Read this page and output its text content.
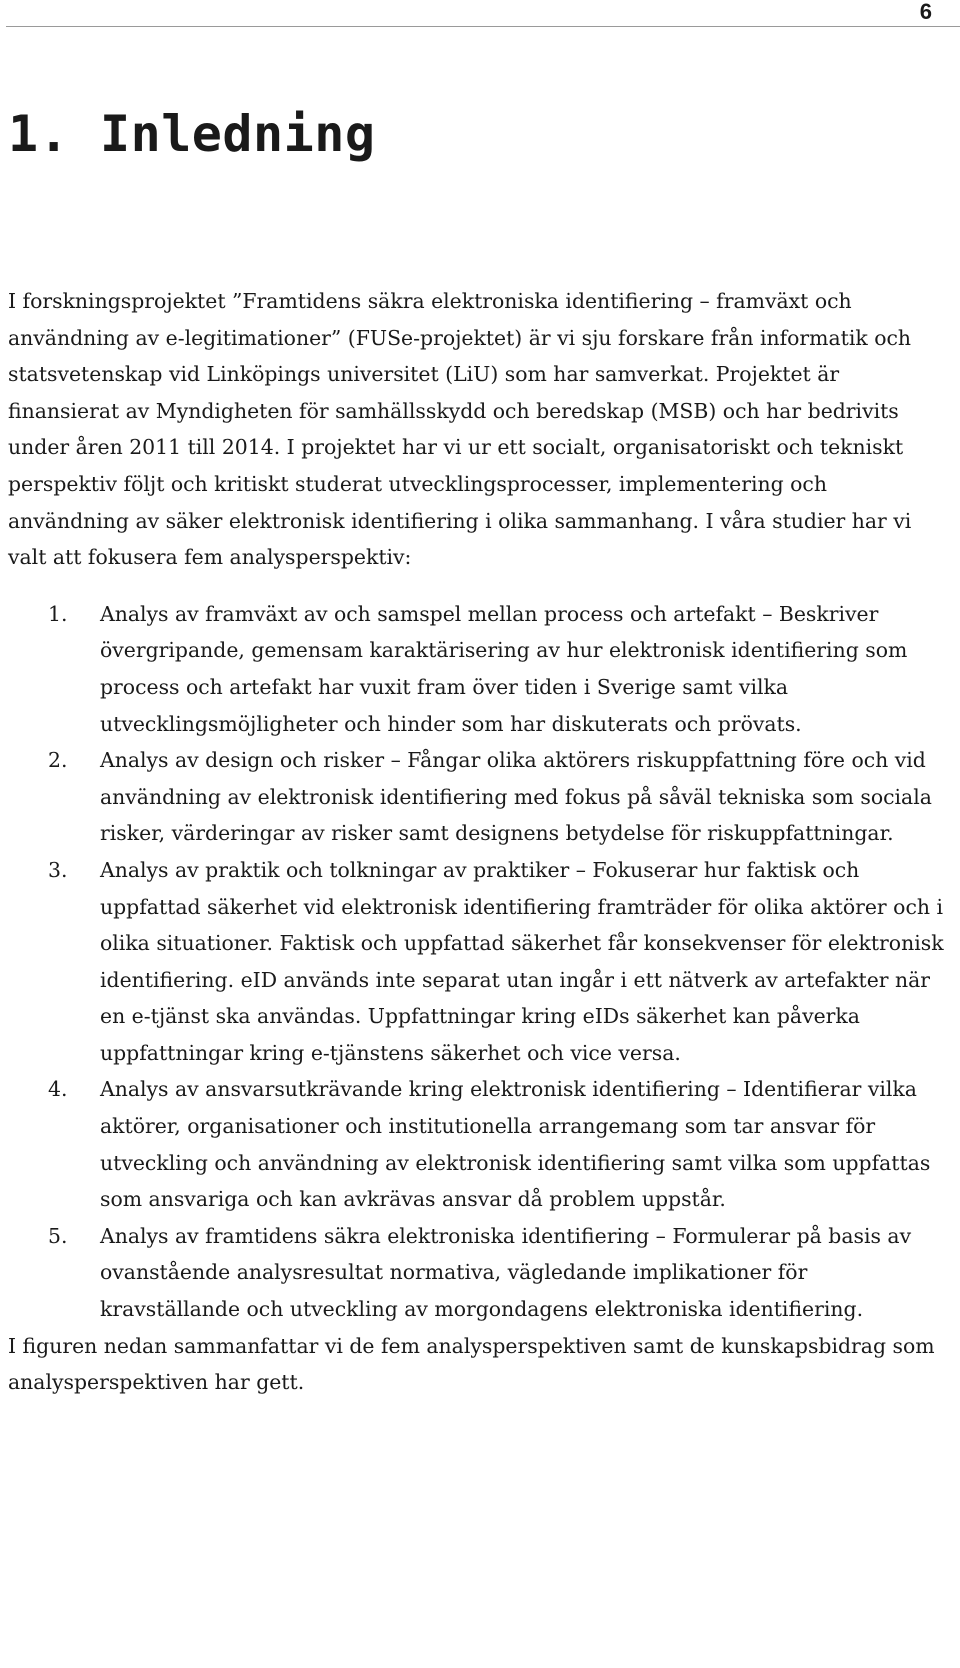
6
1. Inledning

I forskningsprojektet ”Framtidens säkra elektroniska identifiering – framväxt och användning av e-legitimationer” (FUSe-projektet) är vi sju forskare från informatik och statsvetenskap vid Linköpings universitet (LiU) som har samverkat. Projektet är finansierat av Myndigheten för samhällsskydd och beredskap (MSB) och har bedrivits under åren 2011 till 2014. I projektet har vi ur ett socialt, organisatoriskt och tekniskt perspektiv följt och kritiskt studerat utvecklingsprocesser, implementering och användning av säker elektronisk identifiering i olika sammanhang. I våra studier har vi valt att fokusera fem analysperspektiv:

1. Analys av framväxt av och samspel mellan process och artefakt – Beskriver övergripande, gemensam karaktärisering av hur elektronisk identifiering som process och artefakt har vuxit fram över tiden i Sverige samt vilka utvecklingsmöjligheter och hinder som har diskuterats och prövats.
2. Analys av design och risker – Fångar olika aktörers riskuppfattning före och vid användning av elektronisk identifiering med fokus på såväl tekniska som sociala risker, värderingar av risker samt designens betydelse för riskuppfattningar.
3. Analys av praktik och tolkningar av praktiker – Fokuserar hur faktisk och uppfattad säkerhet vid elektronisk identifiering framträder för olika aktörer och i olika situationer. Faktisk och uppfattad säkerhet får konsekvenser för elektronisk identifiering. eID används inte separat utan ingår i ett nätverk av artefakter när en e-tjänst ska användas. Uppfattningar kring eIDs säkerhet kan påverka uppfattningar kring e-tjänstens säkerhet och vice versa.
4. Analys av ansvarsutkrävande kring elektronisk identifiering – Identifierar vilka aktörer, organisationer och institutionella arrangemang som tar ansvar för utveckling och användning av elektronisk identifiering samt vilka som uppfattas som ansvariga och kan avkrävas ansvar då problem uppstår.
5. Analys av framtidens säkra elektroniska identifiering – Formulerar på basis av ovanstående analysresultat normativa, vägledande implikationer för kravställande och utveckling av morgondagens elektroniska identifiering.

I figuren nedan sammanfattar vi de fem analysperspektiven samt de kunskapsbidrag som analysperspektiven har gett.
